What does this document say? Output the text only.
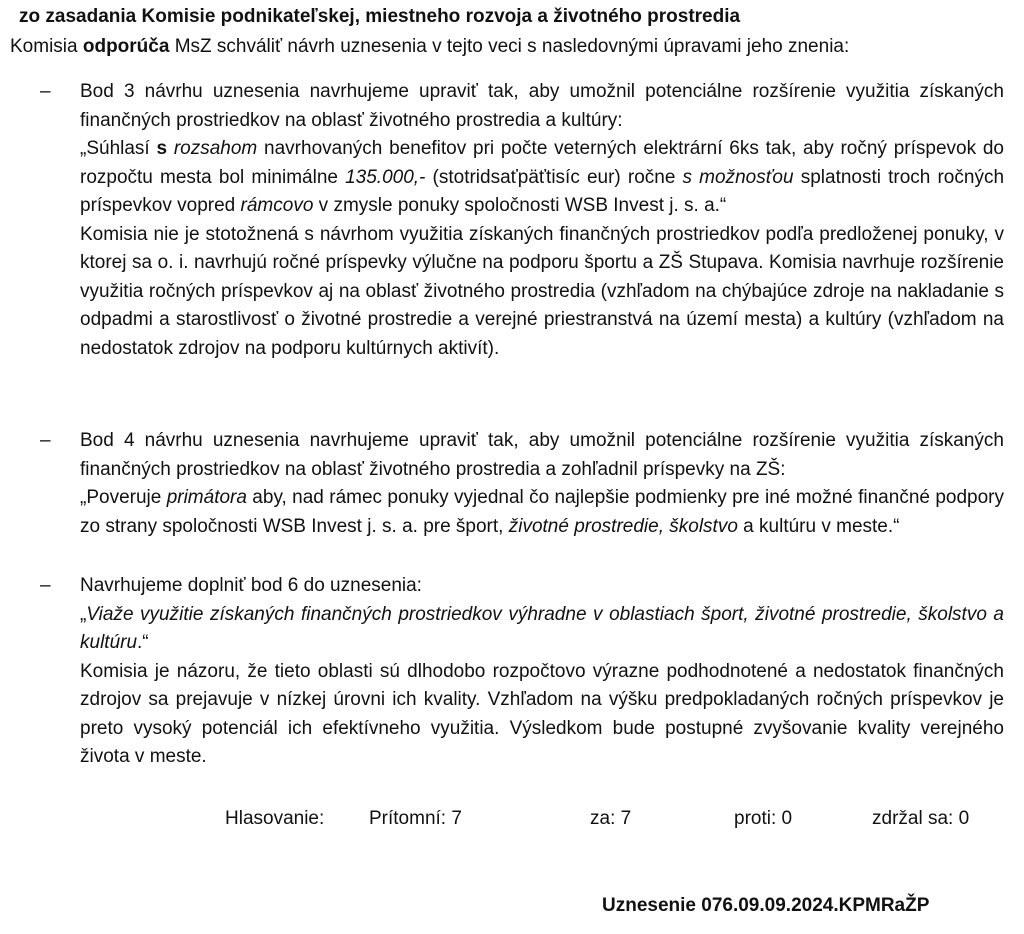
zo zasadania Komisie podnikateľskej, miestneho rozvoja a životného prostredia
Komisia odporúča MsZ schváliť návrh uznesenia v tejto veci s nasledovnými úpravami jeho znenia:
– Bod 3 návrhu uznesenia navrhujeme upraviť tak, aby umožnil potenciálne rozšírenie využitia získaných finančných prostriedkov na oblasť životného prostredia a kultúry:

„Súhlasí s rozsahom navrhovaných benefitov pri počte veterných elektrární 6ks tak, aby ročný príspevok do rozpočtu mesta bol minimálne 135.000,- (stotridsaťpäťtisíc eur) ročne s možnosťou splatnosti troch ročných príspevkov vopred rámcovo v zmysle ponuky spoločnosti WSB Invest j. s. a.“

Komisia nie je stotožnená s návrhom využitia získaných finančných prostriedkov podľa predloženej ponuky, v ktorej sa o. i. navrhujú ročné príspevky výlučne na podporu športu a ZŠ Stupava. Komisia navrhuje rozšírenie využitia ročných príspevkov aj na oblasť životného prostredia (vzhľadom na chýbajúce zdroje na nakladanie s odpadmi a starostlivosť o životné prostredie a verejné priestranstvá na území mesta) a kultúry (vzhľadom na nedostatok zdrojov na podporu kultúrnych aktivít).

– Bod 4 návrhu uznesenia navrhujeme upraviť tak, aby umožnil potenciálne rozšírenie využitia získaných finančných prostriedkov na oblasť životného prostredia a zohľadnil príspevky na ZŠ:

„Poveruje primátora aby, nad rámec ponuky vyjednal čo najlepšie podmienky pre iné možné finančné podpory zo strany spoločnosti WSB Invest j. s. a. pre šport, životné prostredie, školstvo a kultúru v meste.“

– Navrhujeme doplniť bod 6 do uznesenia:

„Viaže využitie získaných finančných prostriedkov výhradne v oblastiach šport, životné prostredie, školstvo a kultúru.“

Komisia je názoru, že tieto oblasti sú dlhodobo rozpočtovo výrazne podhodnotené a nedostatok finančných zdrojov sa prejavuje v nízkej úrovni ich kvality. Vzhľadom na výšku predpokladaných ročných príspevkov je preto vysoký potenciál ich efektívneho využitia. Výsledkom bude postupné zvyšovanie kvality verejného života v meste.

Hlasovanie: Prítomní: 7	za: 7	proti: 0	zdržal sa: 0
Uznesenie 076.09.09.2024.KPMRaŽP
